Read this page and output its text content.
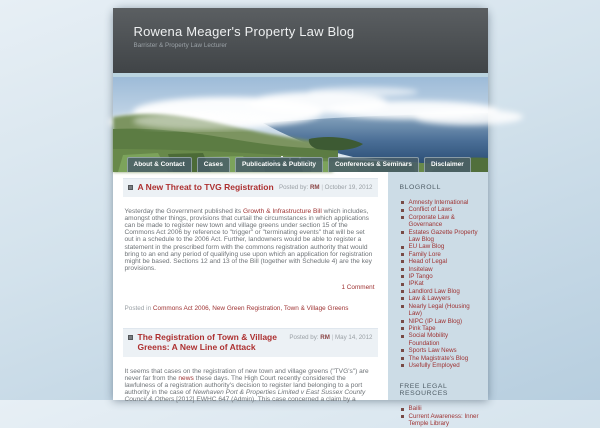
Rowena Meager's Property Law Blog

Barrister & Property Law Lecturer

About & Contact	Cases	Publications & Publicity	Conferences & Seminars	Disclaimer
A New Threat to TVG Registration Posted by: RM | October 19, 2012

Yesterday the Government published its Growth & Infrastructure Bill which includes, amongst other things, provisions that curtail the circumstances in which applications can be made to register new town and village greens under section 15 of the Commons Act 2006 by reference to "trigger" or "terminating events" that will be set out in a schedule to the 2006 Act. Further, landowners would be able to register a statement in the prescribed form with the commons registration authority that would bring to an end any period of qualifying use upon which an application for registration might be based. Sections 12 and 13 of the Bill (together with Schedule 4) are the key provisions.

1 Comment

Posted in Commons Act 2006 , New Green Registration , Town & Village Greens

The Registration of Town & Village Greens: A New Line of Attack

Posted by: RM | May 14, 2012

It seems that cases on the registration of new town and village greens ("TVG's") are never far from the news these days. The High Court recently considered the lawfulness of a registration authority's decision to register land belonging to a port authority in the case of Newhaven Port & Properties Limited v East Sussex County Council & Others [2012] EWHC 647 (Admin). This case concerned a claim by a

BLOGROLL
Amnesty International
Conflict of Laws
Corporate Law & Governance
Estates Gazette Property Law Blog
EU Law Blog
Family Lore
Head of Legal
Insitelaw
IP Tango
IPKat
Landlord Law Blog
Law & Lawyers
Nearly Legal (Housing Law)
NIPC (IP Law Blog)
Pink Tape
Social Mobility Foundation
Sports Law News
The Magistrate's Blog
Usefully Employed
FREE LEGAL RESOURCES
Bailii
Current Awareness: Inner Temple Library
